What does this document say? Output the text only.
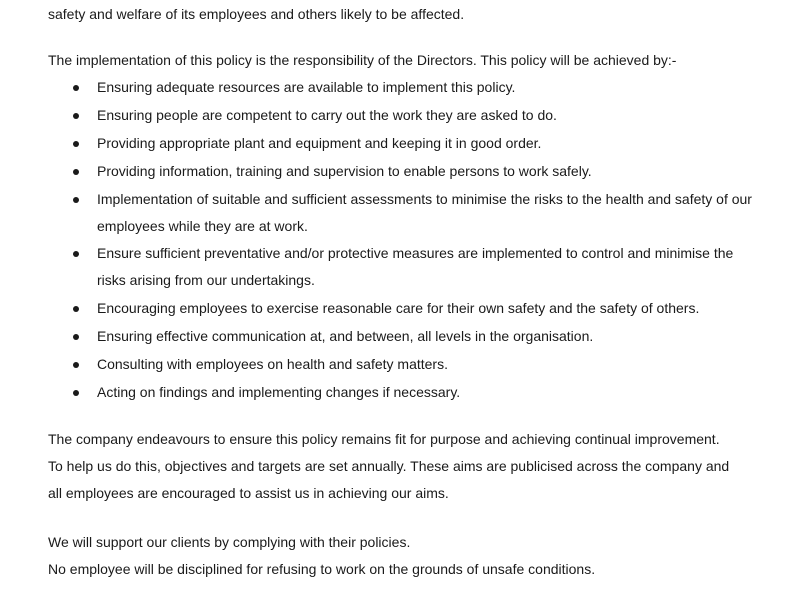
safety and welfare of its employees and others likely to be affected.
The implementation of this policy is the responsibility of the Directors. This policy will be achieved by:-
Ensuring adequate resources are available to implement this policy.
Ensuring people are competent to carry out the work they are asked to do.
Providing appropriate plant and equipment and keeping it in good order.
Providing information, training and supervision to enable persons to work safely.
Implementation of suitable and sufficient assessments to minimise the risks to the health and safety of our employees while they are at work.
Ensure sufficient preventative and/or protective measures are implemented to control and minimise the risks arising from our undertakings.
Encouraging employees to exercise reasonable care for their own safety and the safety of others.
Ensuring effective communication at, and between, all levels in the organisation.
Consulting with employees on health and safety matters.
Acting on findings and implementing changes if necessary.
The company endeavours to ensure this policy remains fit for purpose and achieving continual improvement.
To help us do this, objectives and targets are set annually. These aims are publicised across the company and
all employees are encouraged to assist us in achieving our aims.
We will support our clients by complying with their policies.
No employee will be disciplined for refusing to work on the grounds of unsafe conditions.
